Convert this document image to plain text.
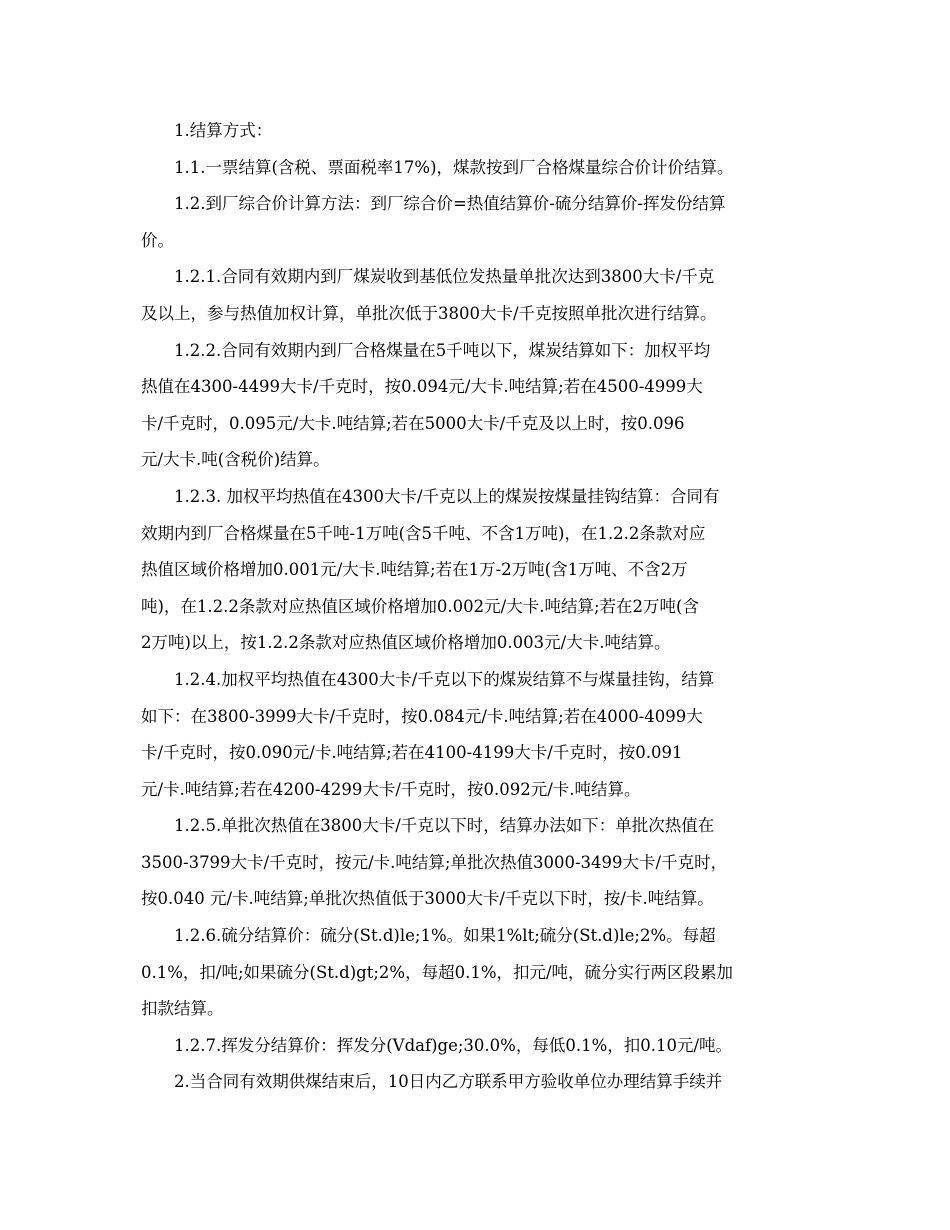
1.结算方式：
1.1.一票结算(含税、票面税率17%)，煤款按到厂合格煤量综合价计价结算。
1.2.到厂综合价计算方法：到厂综合价=热值结算价-硫分结算价-挥发份结算
价。
1.2.1.合同有效期内到厂煤炭收到基低位发热量单批次达到3800大卡/千克
及以上，参与热值加权计算，单批次低于3800大卡/千克按照单批次进行结算。
1.2.2.合同有效期内到厂合格煤量在5千吨以下，煤炭结算如下：加权平均
热值在4300-4499大卡/千克时，按0.094元/大卡.吨结算;若在4500-4999大
卡/千克时，0.095元/大卡.吨结算;若在5000大卡/千克及以上时，按0.096
元/大卡.吨(含税价)结算。
1.2.3. 加权平均热值在4300大卡/千克以上的煤炭按煤量挂钩结算：合同有
效期内到厂合格煤量在5千吨-1万吨(含5千吨、不含1万吨)，在1.2.2条款对应
热值区域价格增加0.001元/大卡.吨结算;若在1万-2万吨(含1万吨、不含2万
吨)，在1.2.2条款对应热值区域价格增加0.002元/大卡.吨结算;若在2万吨(含
2万吨)以上，按1.2.2条款对应热值区域价格增加0.003元/大卡.吨结算。
1.2.4.加权平均热值在4300大卡/千克以下的煤炭结算不与煤量挂钩，结算
如下：在3800-3999大卡/千克时，按0.084元/卡.吨结算;若在4000-4099大
卡/千克时，按0.090元/卡.吨结算;若在4100-4199大卡/千克时，按0.091
元/卡.吨结算;若在4200-4299大卡/千克时，按0.092元/卡.吨结算。
1.2.5.单批次热值在3800大卡/千克以下时，结算办法如下：单批次热值在
3500-3799大卡/千克时，按元/卡.吨结算;单批次热值3000-3499大卡/千克时，
按0.040 元/卡.吨结算;单批次热值低于3000大卡/千克以下时，按/卡.吨结算。
1.2.6.硫分结算价：硫分(St.d)le;1%。如果1%lt;硫分(St.d)le;2%。每超
0.1%，扣/吨;如果硫分(St.d)gt;2%，每超0.1%，扣元/吨，硫分实行两区段累加
扣款结算。
1.2.7.挥发分结算价：挥发分(Vdaf)ge;30.0%，每低0.1%，扣0.10元/吨。
2.当合同有效期供煤结束后，10日内乙方联系甲方验收单位办理结算手续并
